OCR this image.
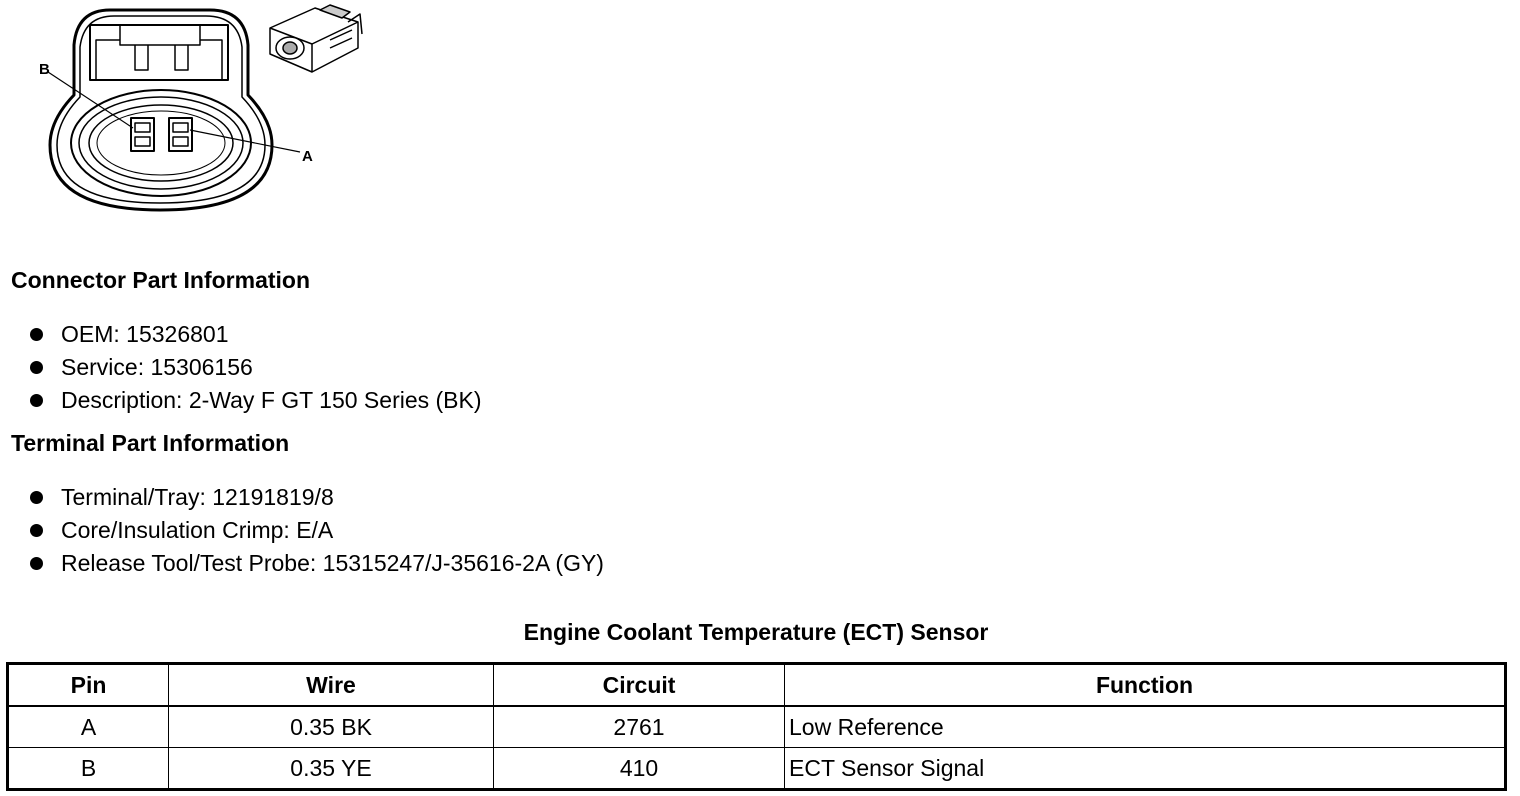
B
A
Connector Part Information
OEM: 15326801
Service: 15306156
Description: 2-Way F GT 150 Series (BK)
Terminal Part Information
Terminal/Tray: 12191819/8
Core/Insulation Crimp: E/A
Release Tool/Test Probe: 15315247/J-35616-2A (GY)
Engine Coolant Temperature (ECT) Sensor
Pin	Wire	Circuit	Function
A	0.35 BK	2761	Low Reference
B	0.35 YE	410	ECT Sensor Signal
